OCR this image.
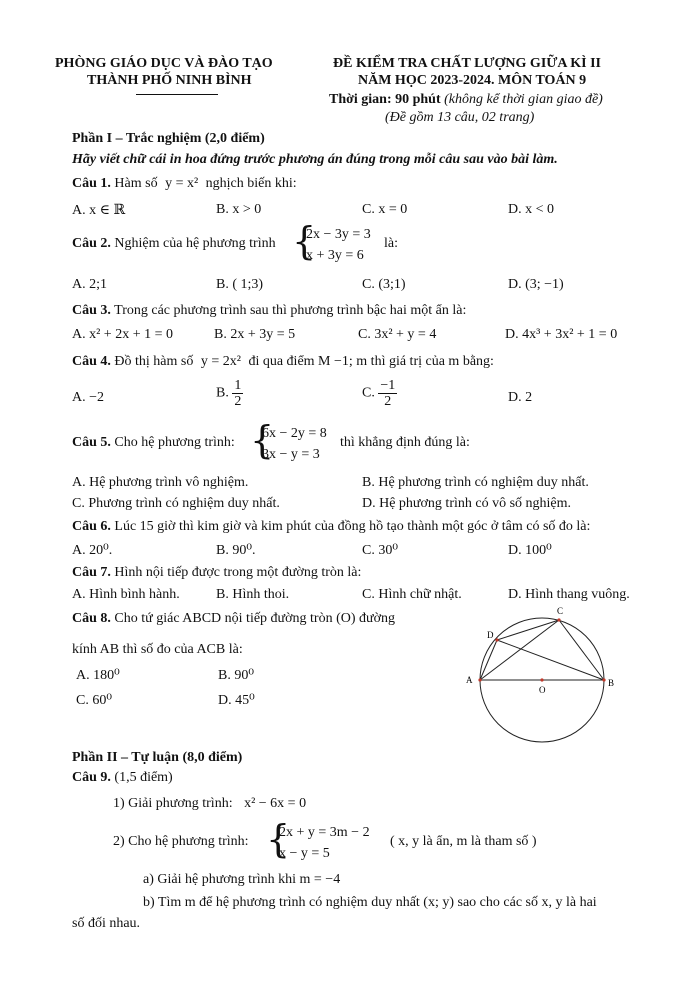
PHÒNG GIÁO DỤC VÀ ĐÀO TẠO
THÀNH PHỐ NINH BÌNH
ĐỀ KIỂM TRA CHẤT LƯỢNG GIỮA KÌ II
NĂM HỌC 2023-2024. MÔN TOÁN 9
Thời gian: 90 phút (không kể thời gian giao đề)
(Đề gồm 13 câu, 02 trang)
Phần I – Trắc nghiệm (2,0 điểm)
Hãy viết chữ cái in hoa đứng trước phương án đúng trong mỗi câu sau vào bài làm.
Câu 1. Hàm số y = x² nghịch biến khi:
A. x ∈ ℝ	B. x > 0	C. x = 0	D. x < 0
Câu 2. Nghiệm của hệ phương trình {
2x − 3y = 3
x + 3y = 6
là:
A. 2;1	B. ( 1;3)	C. (3;1)	D. (3; −1)
Câu 3. Trong các phương trình sau thì phương trình bậc hai một ẩn là:
A. x² + 2x + 1 = 0	B. 2x + 3y = 5	C. 3x² + y = 4	D. 4x³ + 3x² + 1 = 0
Câu 4. Đồ thị hàm số y = 2x² đi qua điểm M −1; m thì giá trị của m bằng:
A. −2	B. $\frac{1}{2}$	C. $\frac{-1}{2}$	D. 2
Câu 5. Cho hệ phương trình: {
6x − 2y = 8
3x − y = 3
thì khẳng định đúng là:
A. Hệ phương trình vô nghiệm.	B. Hệ phương trình có nghiệm duy nhất.
C. Phương trình có nghiệm duy nhất.	D. Hệ phương trình có vô số nghiệm.
Câu 6. Lúc 15 giờ thì kim giờ và kim phút của đồng hồ tạo thành một góc ở tâm có số đo là:
A. 20⁰.	B. 90⁰.	C. 30⁰	D. 100⁰
Câu 7. Hình nội tiếp được trong một đường tròn là:
A. Hình bình hành.	B. Hình thoi.	C. Hình chữ nhật.	D. Hình thang vuông.
Câu 8. Cho tứ giác ABCD nội tiếp đường tròn (O) đường
kính AB thì số đo của ACB là:
A. 180⁰	B. 90⁰
C. 60⁰	D. 45⁰
C
D
A
O
B
Phần II – Tự luận (8,0 điểm)
Câu 9. (1,5 điểm)
1) Giải phương trình: x² − 6x = 0
2) Cho hệ phương trình: {
2x + y = 3m − 2
x − y = 5
( x, y là ẩn, m là tham số )
a) Giải hệ phương trình khi m = −4
b) Tìm m để hệ phương trình có nghiệm duy nhất (x; y) sao cho các số x, y là hai
số đối nhau.
